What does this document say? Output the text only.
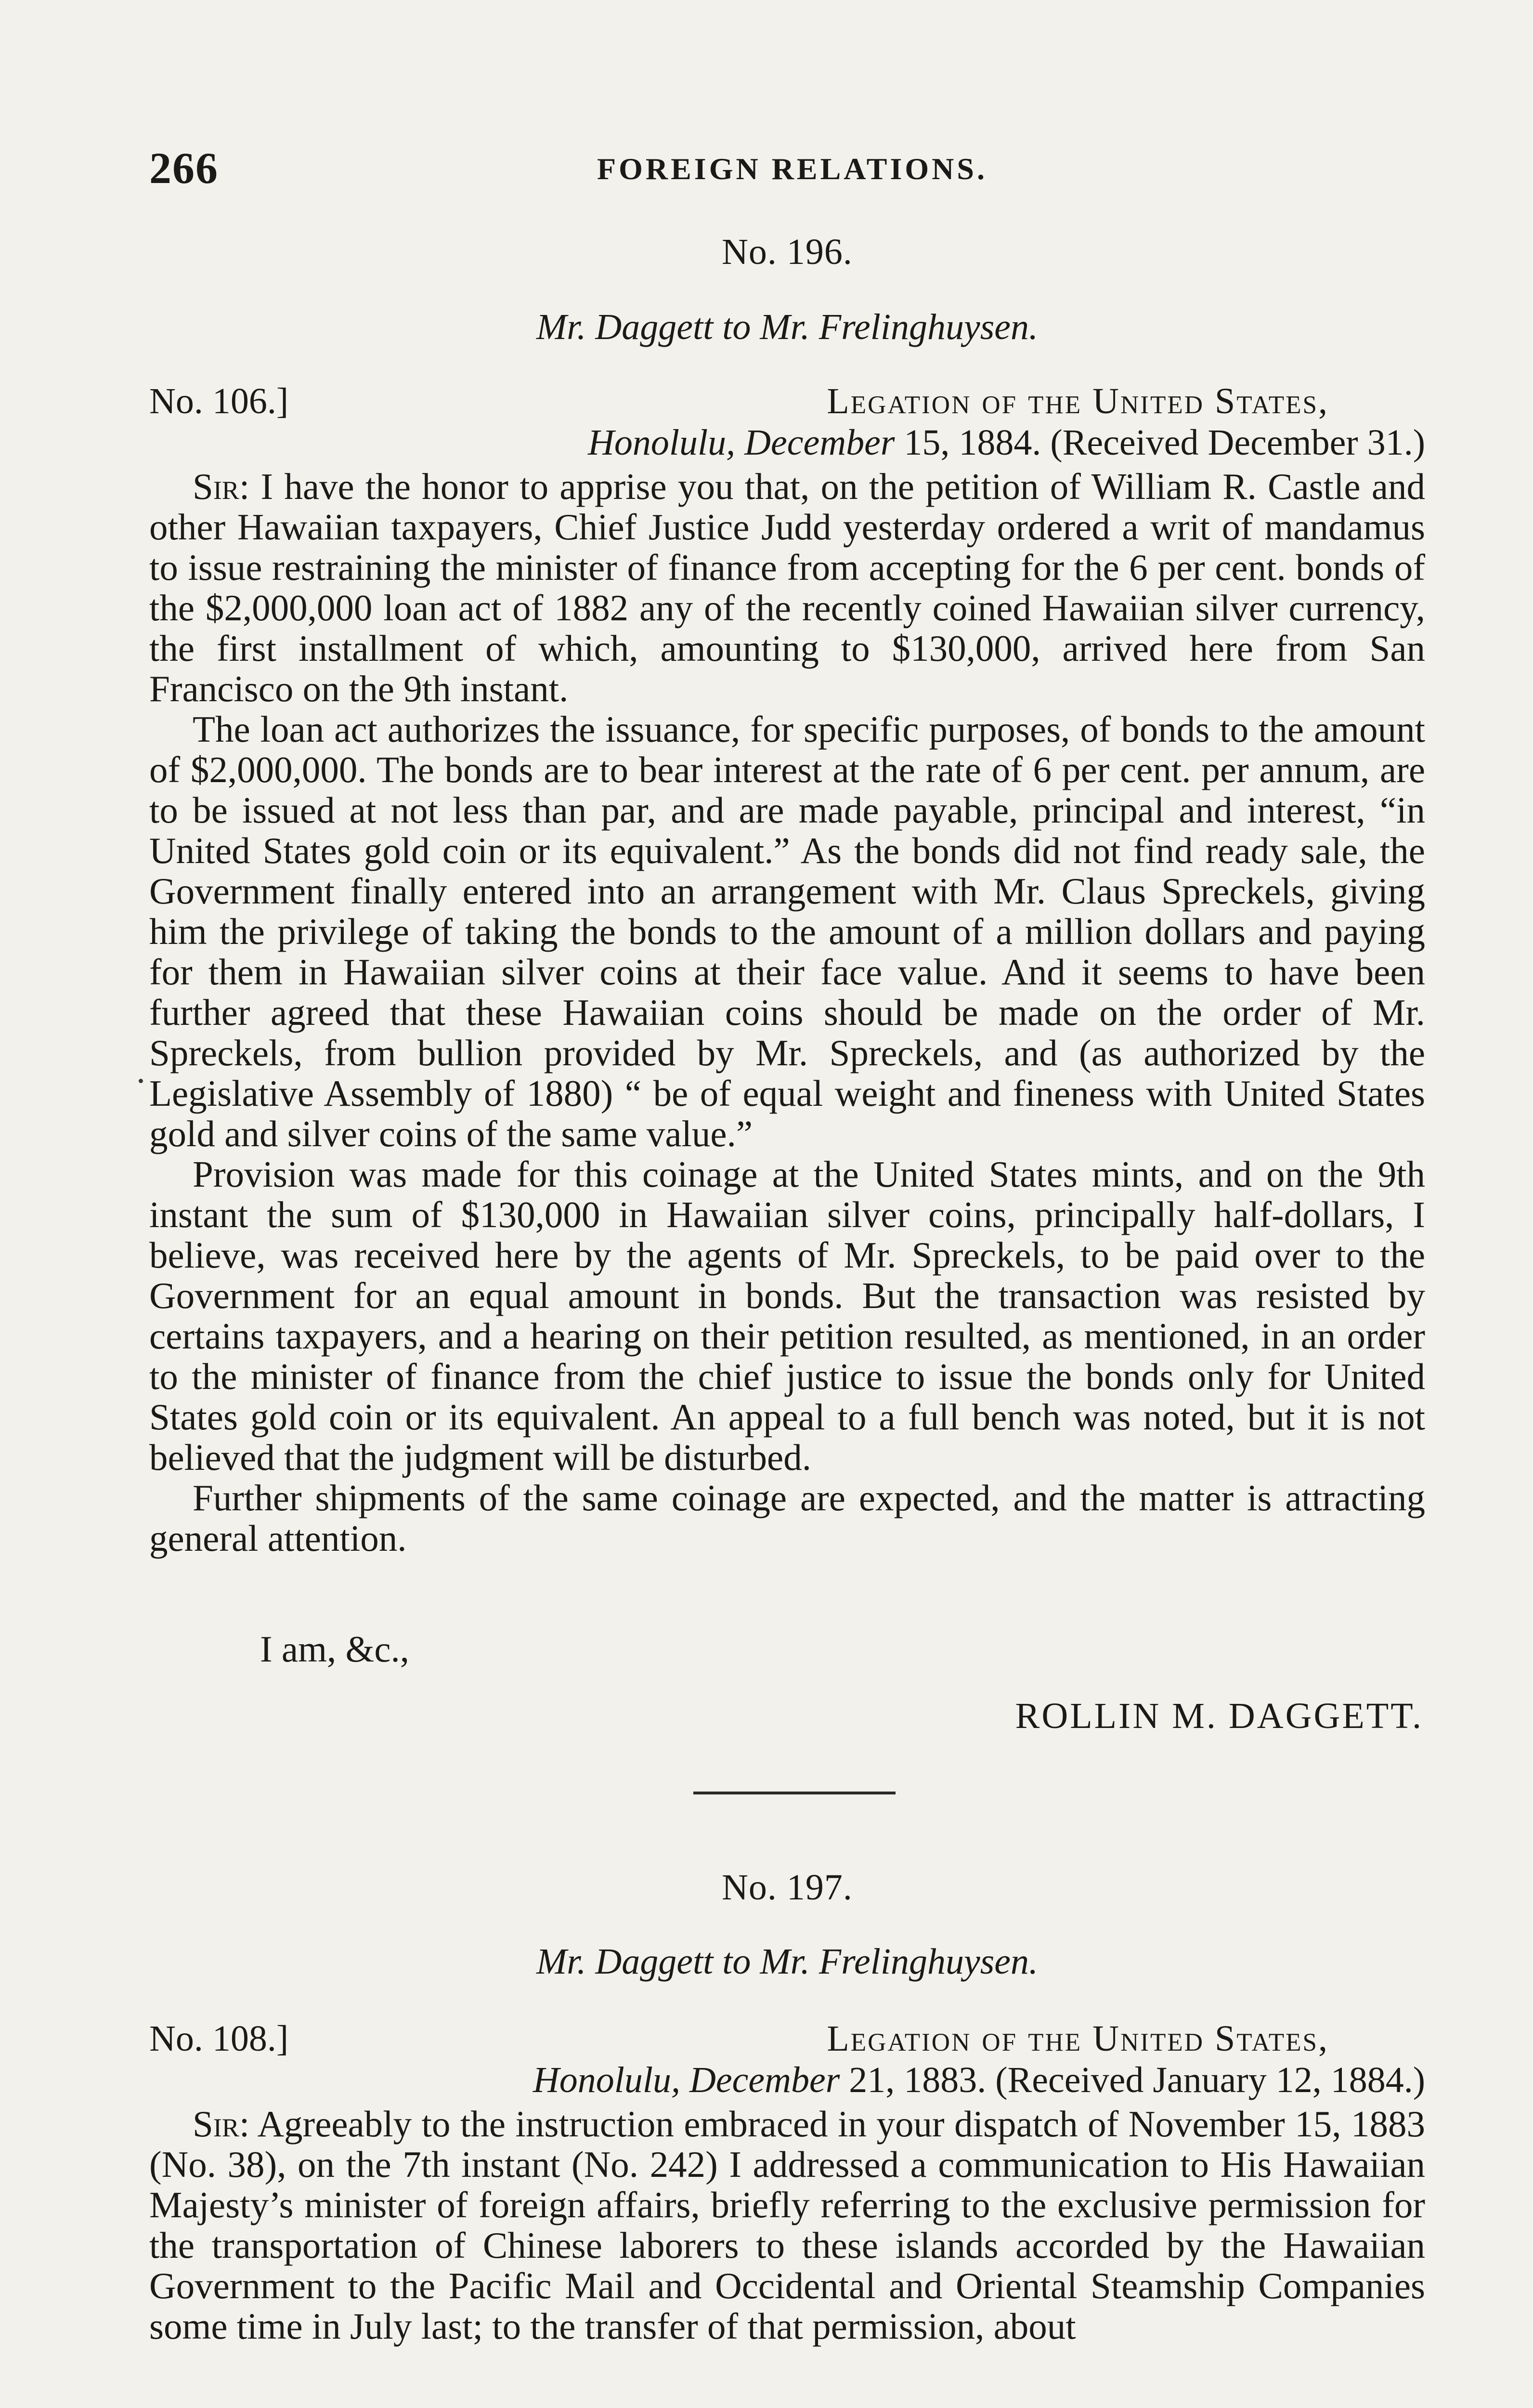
266	FOREIGN RELATIONS.
No. 196.
Mr. Daggett to Mr. Frelinghuysen.
No. 106.]	Legation of the United States,
Honolulu, December 15, 1884. (Received December 31.)

Sir: I have the honor to apprise you that, on the petition of William R. Castle and other Hawaiian taxpayers, Chief Justice Judd yesterday ordered a writ of mandamus to issue restraining the minister of finance from accepting for the 6 per cent. bonds of the $2,000,000 loan act of 1882 any of the recently coined Hawaiian silver currency, the first installment of which, amounting to $130,000, arrived here from San Francisco on the 9th instant.

The loan act authorizes the issuance, for specific purposes, of bonds to the amount of $2,000,000. The bonds are to bear interest at the rate of 6 per cent. per annum, are to be issued at not less than par, and are made payable, principal and interest, “in United States gold coin or its equivalent.” As the bonds did not find ready sale, the Government finally entered into an arrangement with Mr. Claus Spreckels, giving him the privilege of taking the bonds to the amount of a million dollars and paying for them in Hawaiian silver coins at their face value. And it seems to have been further agreed that these Hawaiian coins should be made on the order of Mr. Spreckels, from bullion provided by Mr. Spreckels, and (as authorized by the Legislative Assembly of 1880) “ be of equal weight and fineness with United States gold and silver coins of the same value.”

Provision was made for this coinage at the United States mints, and on the 9th instant the sum of $130,000 in Hawaiian silver coins, principally half-dollars, I believe, was received here by the agents of Mr. Spreckels, to be paid over to the Government for an equal amount in bonds. But the transaction was resisted by certains taxpayers, and a hearing on their petition resulted, as mentioned, in an order to the minister of finance from the chief justice to issue the bonds only for United States gold coin or its equivalent. An appeal to a full bench was noted, but it is not believed that the judgment will be disturbed.

Further shipments of the same coinage are expected, and the matter is attracting general attention.

I am, &c.,
ROLLIN M. DAGGETT.
No. 197.
Mr. Daggett to Mr. Frelinghuysen.
No. 108.]	Legation of the United States,
Honolulu, December 21, 1883. (Received January 12, 1884.)

Sir: Agreeably to the instruction embraced in your dispatch of November 15, 1883 (No. 38), on the 7th instant (No. 242) I addressed a communication to His Hawaiian Majesty’s minister of foreign affairs, briefly referring to the exclusive permission for the transportation of Chinese laborers to these islands accorded by the Hawaiian Government to the Pacific Mail and Occidental and Oriental Steamship Companies some time in July last; to the transfer of that permission, about
